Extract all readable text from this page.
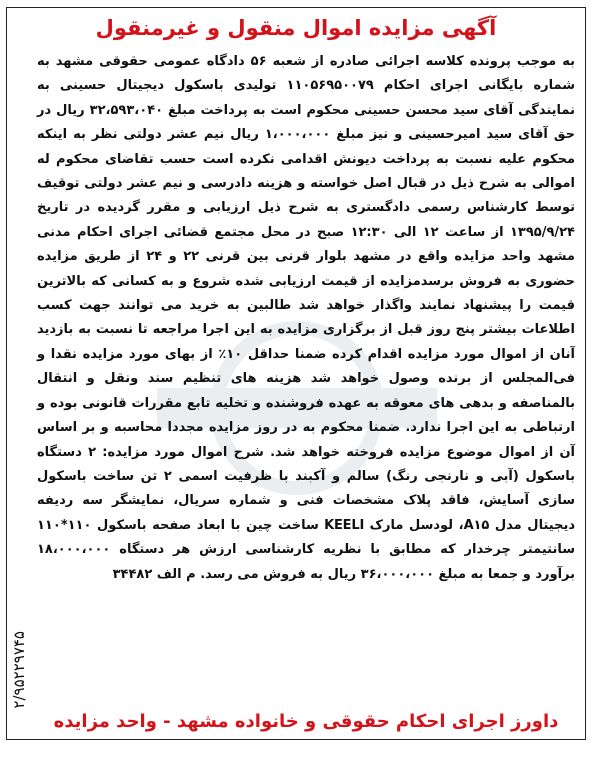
آگهی مزایده اموال منقول و غیرمنقول
به موجب پرونده کلاسه اجرائی صادره از شعبه ۵۶ دادگاه عمومی حقوقی مشهد به شماره بایگانی اجرای احکام ۱۱۰۵۶۹۵۰۰۷۹ تولیدی باسکول دیجیتال حسینی به نمایندگی آقای سید محسن حسینی محکوم است به پرداخت مبلغ ۳۲،۵۹۳،۰۴۰ ریال در حق آقای سید امیرحسینی و نیز مبلغ ۱،۰۰۰،۰۰۰ ریال نیم عشر دولتی نظر به اینکه محکوم علیه نسبت به پرداخت دیونش اقدامی نکرده است حسب تقاضای محکوم له اموالی به شرح ذیل در قبال اصل خواسته و هزینه دادرسی و نیم عشر دولتی توقیف توسط کارشناس رسمی دادگستری به شرح ذیل ارزیابی و مقرر گردیده در تاریخ ۱۳۹۵/۹/۲۴ از ساعت ۱۲ الی ۱۲:۳۰ صبح در محل مجتمع قضائی اجرای احکام مدنی مشهد واحد مزایده واقع در مشهد بلوار قرنی بین قرنی ۲۲ و ۲۴ از طریق مزایده حضوری به فروش برسدمزایده از قیمت ارزیابی شده شروع و به کسانی که بالاترین قیمت را پیشنهاد نمایند واگذار خواهد شد طالبین به خرید می توانند جهت کسب اطلاعات بیشتر پنج روز قبل از برگزاری مزایده به این اجرا مراجعه تا نسبت به بازدید آنان از اموال مورد مزایده اقدام کرده ضمنا حداقل ۱۰٪ از بهای مورد مزایده نقدا و فی‌المجلس از برنده وصول خواهد شد هزینه های تنظیم سند ونقل و انتقال بالمناصفه و بدهی های معوقه به عهده فروشنده و تخلیه تابع مقررات قانونی بوده و ارتباطی به این اجرا ندارد. ضمنا محکوم به در روز مزایده مجددا محاسبه و بر اساس آن از اموال موضوع مزایده فروخته خواهد شد. شرح اموال مورد مزایده: ۲ دستگاه باسکول (آبی و نارنجی رنگ) سالم و آکبند با ظرفیت اسمی ۲ تن ساخت باسکول سازی آسایش، فاقد پلاک مشخصات فنی و شماره سریال، نمایشگر سه ردیفه دیجیتال مدل A۱۵، لودسل مارک KEELI ساخت چین با ابعاد صفحه باسکول ۱۱۰*۱۱۰ سانتیمتر چرخدار که مطابق با نظریه کارشناسی ارزش هر دستگاه ۱۸،۰۰۰،۰۰۰ برآورد و جمعا به مبلغ ۳۶،۰۰۰،۰۰۰ ریال به فروش می رسد. م الف ۳۴۴۸۲
۲/۹۵۲۲۹۷۴۵
داورز اجرای احکام حقوقی و خانواده مشهد - واحد مزایده
